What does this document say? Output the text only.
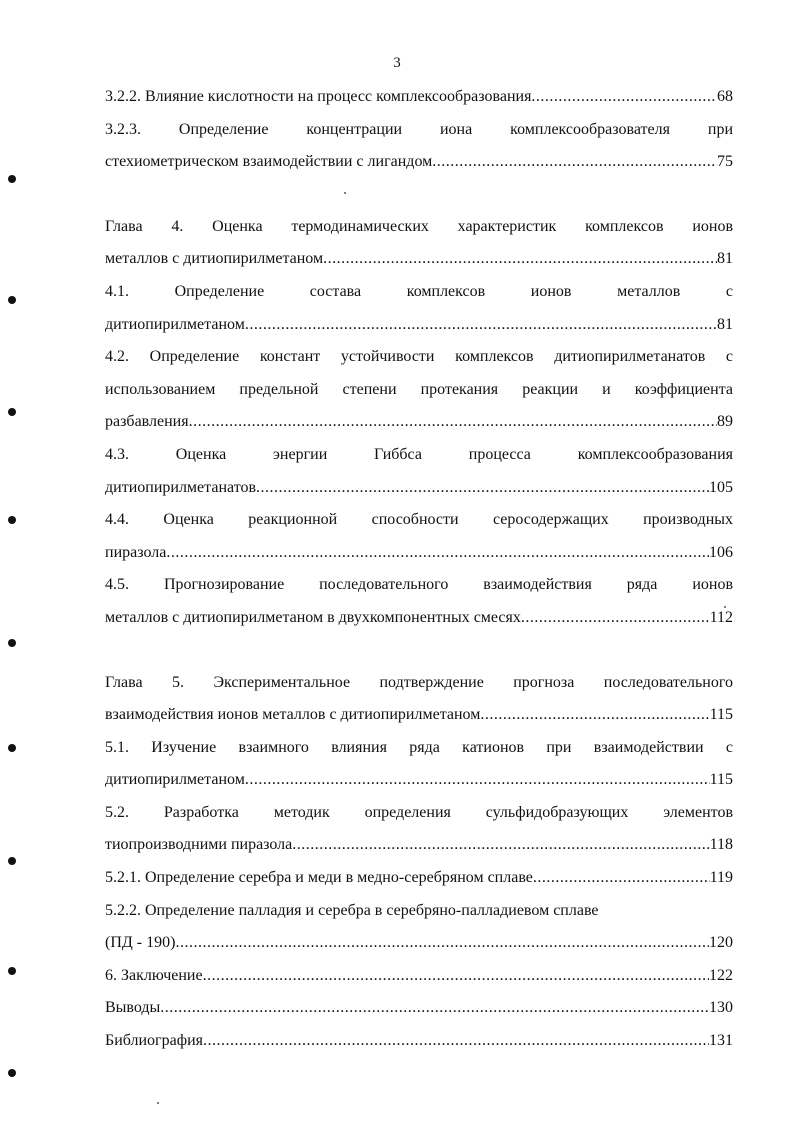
3
3.2.2. Влияние кислотности на процесс комплексообразования .....	68
3.2.3. Определение концентрации иона комплексообразователя при
стехиометрическом взаимодействии с лигандом .....	75
Глава 4. Оценка термодинамических характеристик комплексов ионов
металлов с дитиопирилметаном .....	81
4.1. Определение состава комплексов ионов металлов с
дитиопирилметаном .....	81
4.2. Определение констант устойчивости комплексов дитиопирилметанатов с
использованием предельной степени протекания реакции и коэффициента
разбавления .....	89
4.3. Оценка энергии Гиббса процесса комплексообразования
дитиопирилметанатов .....	105
4.4. Оценка реакционной способности серосодержащих производных
пиразола .....	106
4.5. Прогнозирование последовательного взаимодействия ряда ионов
металлов с дитиопирилметаном в двухкомпонентных смесях .....	112
Глава 5. Экспериментальное подтверждение прогноза последовательного
взаимодействия ионов металлов с дитиопирилметаном .....	115
5.1. Изучение взаимного влияния ряда катионов при взаимодействии с
дитиопирилметаном .....	115
5.2. Разработка методик определения сульфидобразующих элементов
тиопроизводними пиразола .....	118
5.2.1. Определение серебра и меди в медно-серебряном сплаве .....	119
5.2.2. Определение палладия и серебра в серебряно-палладиевом сплаве
(ПД - 190) .....	120
6. Заключение .....	122
Выводы .....	130
Библиография .....	131
